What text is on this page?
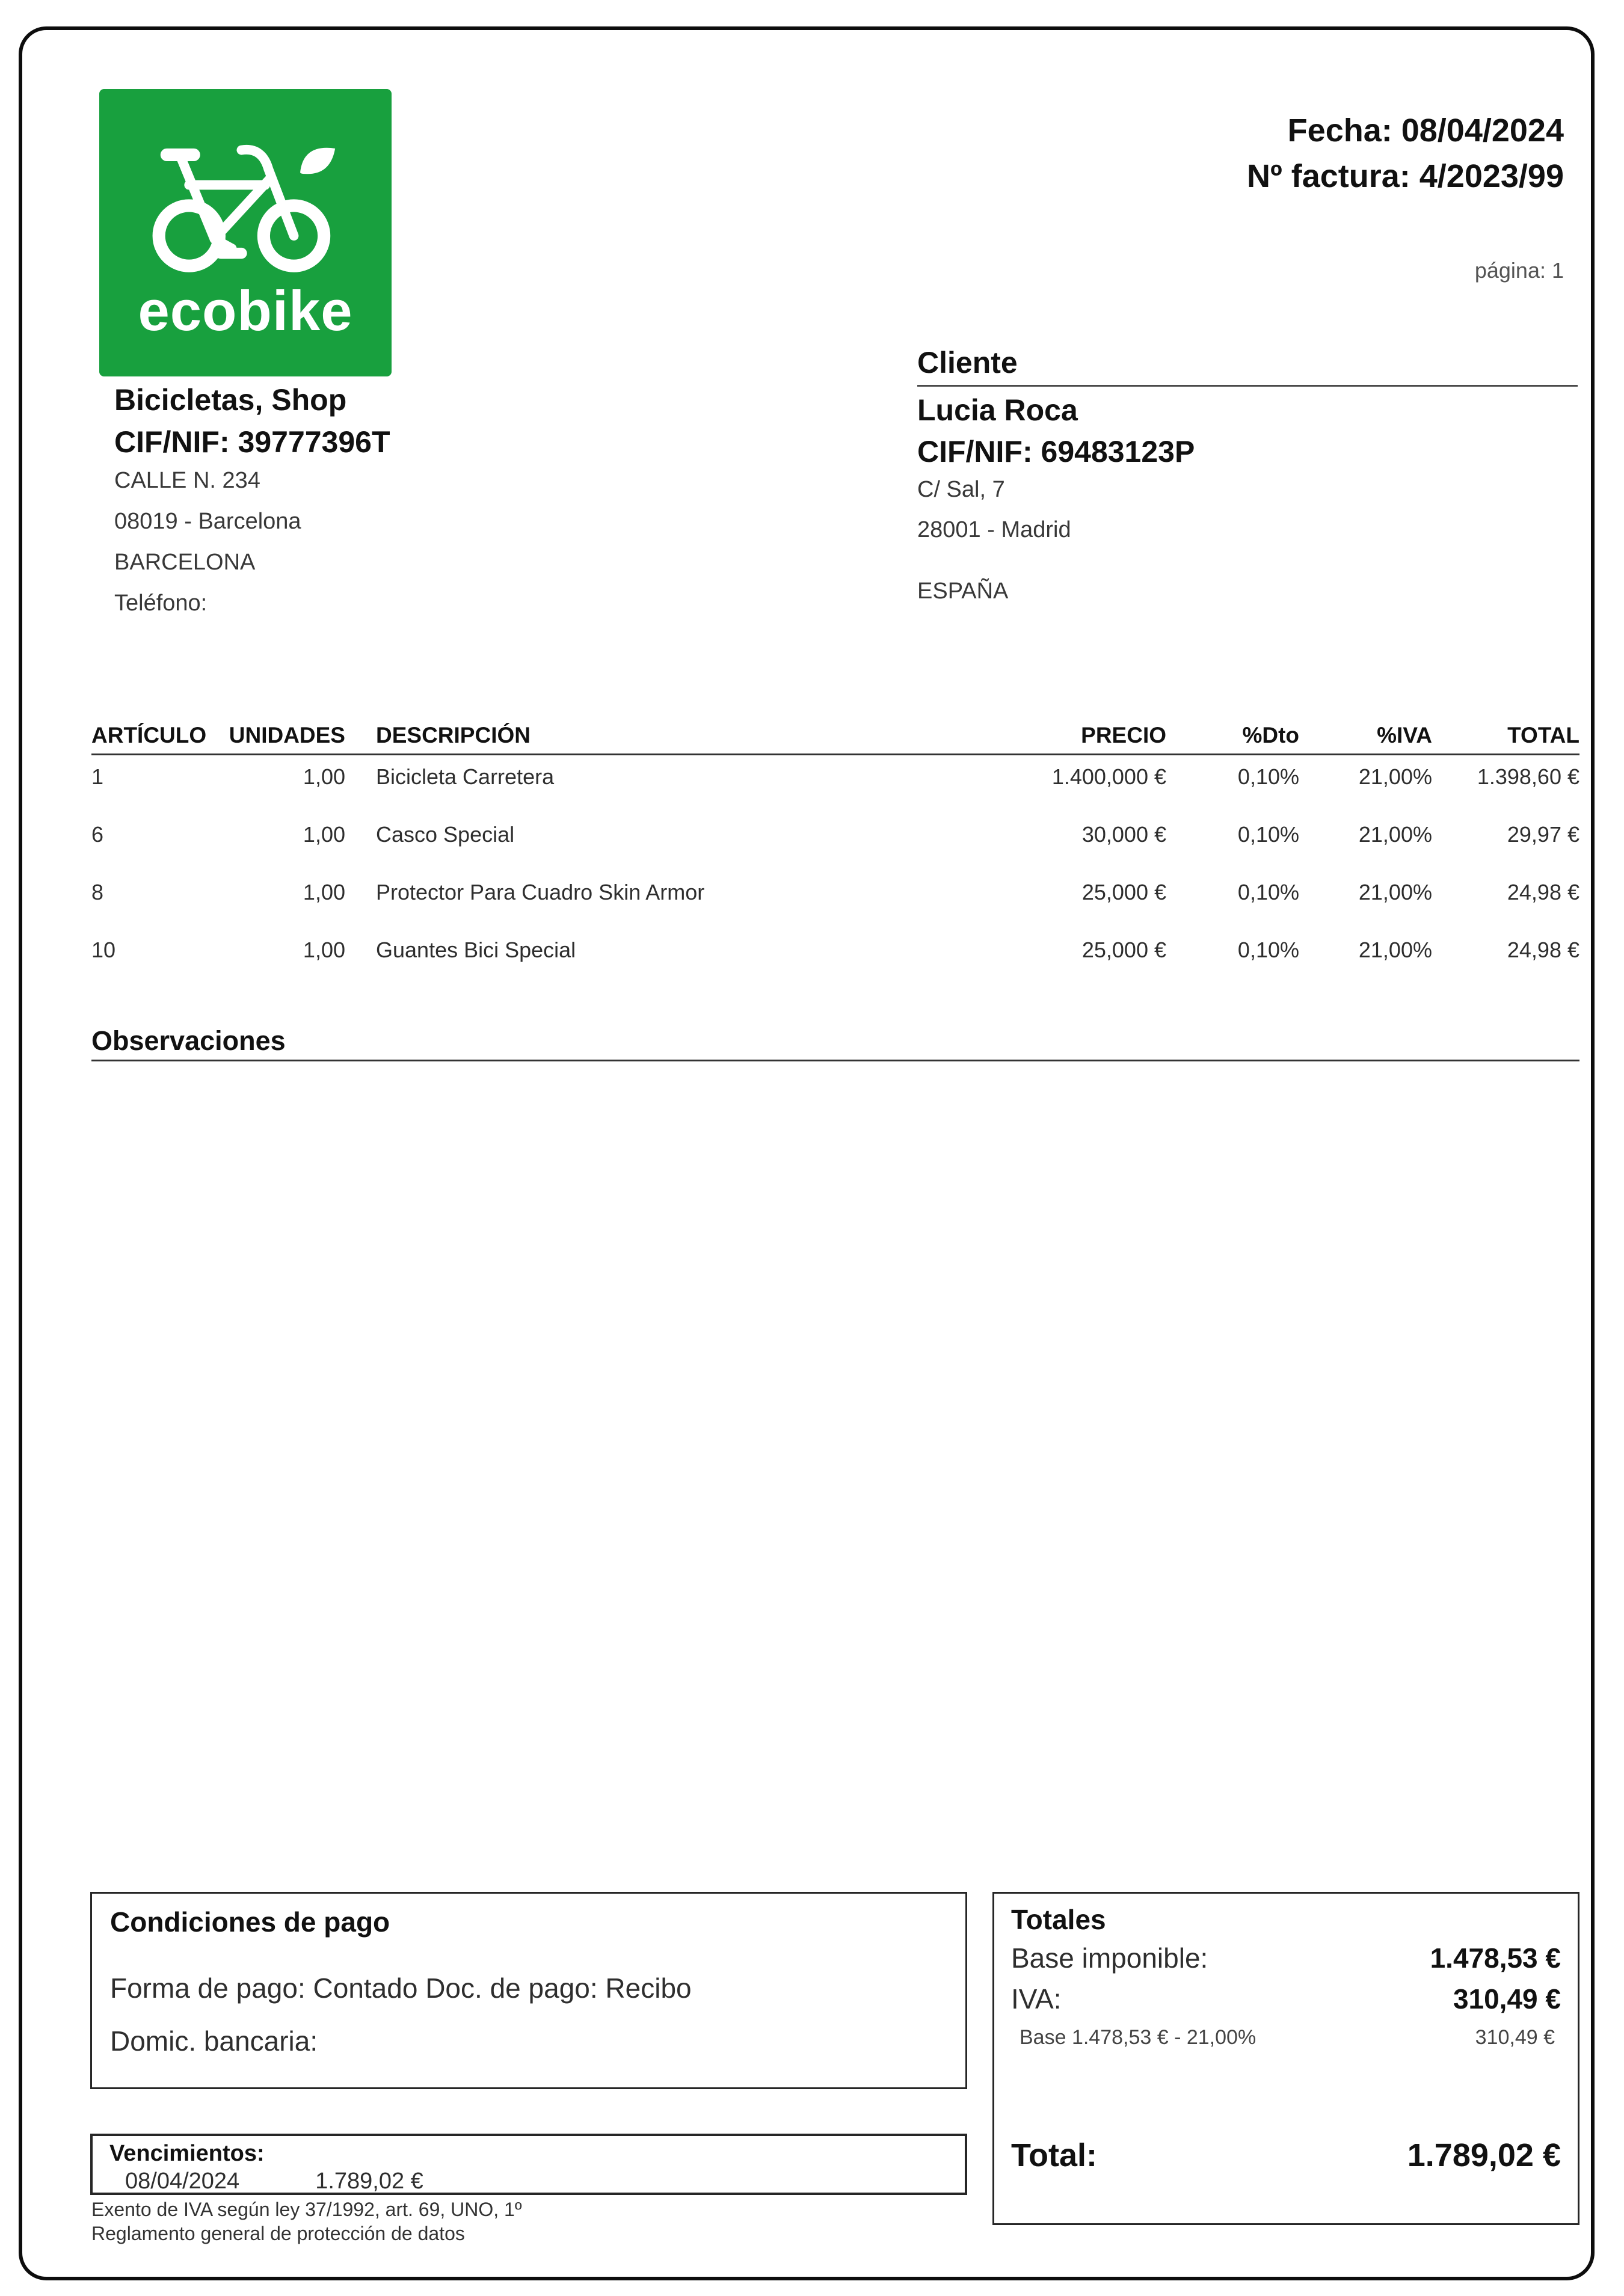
ecobike
Fecha: 08/04/2024
Nº factura: 4/2023/99
página: 1
Bicicletas, Shop
CIF/NIF: 39777396T
CALLE N. 234
08019 - Barcelona
BARCELONA
Teléfono:
Cliente
Lucia Roca
CIF/NIF: 69483123P
C/ Sal, 7
28001 - Madrid
ESPAÑA
ARTÍCULO	UNIDADES	DESCRIPCIÓN	PRECIO	%Dto	%IVA	TOTAL
1	1,00	Bicicleta Carretera	1.400,000 €	0,10%	21,00%	1.398,60 €
6	1,00	Casco Special	30,000 €	0,10%	21,00%	29,97 €
8	1,00	Protector Para Cuadro Skin Armor	25,000 €	0,10%	21,00%	24,98 €
10	1,00	Guantes Bici Special	25,000 €	0,10%	21,00%	24,98 €
Observaciones
Condiciones de pago
Forma de pago: Contado Doc. de pago: Recibo
Domic. bancaria:
Totales
Base imponible:	1.478,53 €
IVA:	310,49 €
Base 1.478,53 € - 21,00%	310,49 €
Total:	1.789,02 €
Vencimientos:
08/04/2024	1.789,02 €
Exento de IVA según ley 37/1992, art. 69, UNO, 1º
Reglamento general de protección de datos
